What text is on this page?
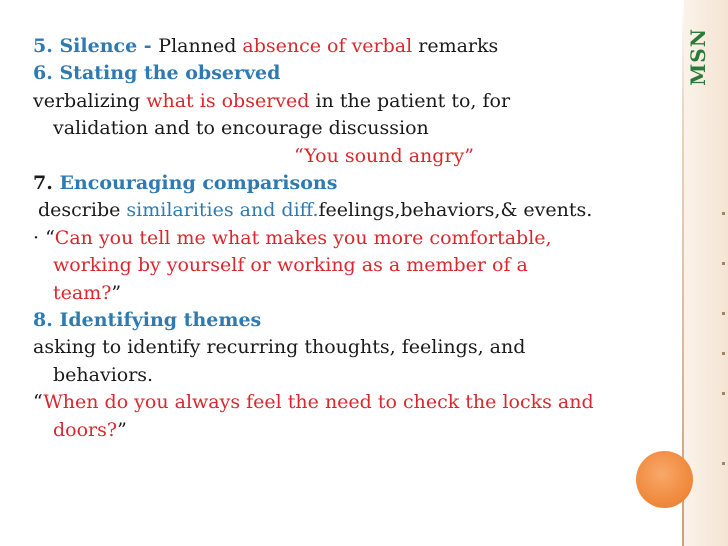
MSN
5. Silence - Planned absence of verbal remarks
6. Stating the observed
verbalizing what is observed in the patient to, for
validation and to encourage discussion
“You sound angry”
7. Encouraging comparisons
describe similarities and diff.feelings,behaviors,& events.
· “Can you tell me what makes you more comfortable,
working by yourself or working as a member of a
team?”
8. Identifying themes
asking to identify recurring thoughts, feelings, and
behaviors.
“When do you always feel the need to check the locks and
doors?”
